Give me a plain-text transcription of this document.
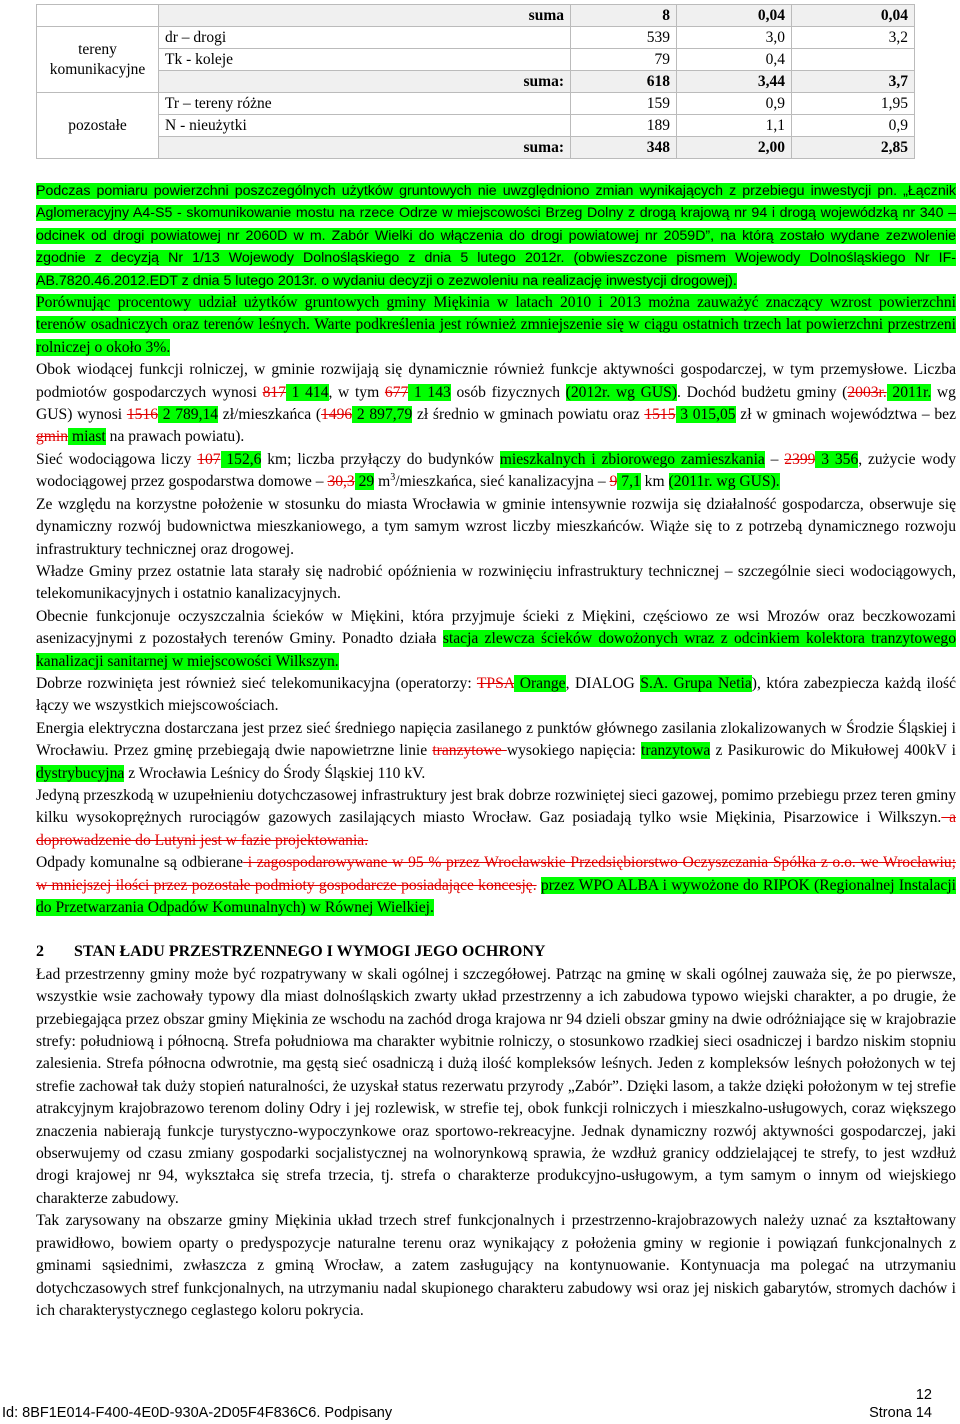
	suma	8	0,04	0,04
tereny komunikacyjne	dr – drogi	539	3,0	3,2
	Tk - koleje	79	0,4	
	suma:	618	3,44	3,7
pozostałe	Tr – tereny różne	159	0,9	1,95
	N - nieużytki	189	1,1	0,9
	suma:	348	2,00	2,85

Podczas pomiaru powierzchni poszczególnych użytków gruntowych nie uwzględniono zmian wynikających z przebiegu inwestycji pn. „Łącznik Aglomeracyjny A4-S5 - skomunikowanie mostu na rzece Odrze w miejscowości Brzeg Dolny z drogą krajową nr 94 i drogą wojewódzką nr 340 – odcinek od drogi powiatowej nr 2060D w m. Zabór Wielki do włączenia do drogi powiatowej nr 2059D”, na którą zostało wydane zezwolenie zgodnie z decyzją Nr 1/13 Wojewody Dolnośląskiego z dnia 5 lutego 2012r. (obwieszczone pismem Wojewody Dolnośląskiego Nr IF-AB.7820.46.2012.EDT z dnia 5 lutego 2013r. o wydaniu decyzji o zezwoleniu na realizację inwestycji drogowej).

Porównując procentowy udział użytków gruntowych gminy Miękinia w latach 2010 i 2013 można zauważyć znaczący wzrost powierzchni terenów osadniczych oraz terenów leśnych. Warte podkreślenia jest również zmniejszenie się w ciągu ostatnich trzech lat powierzchni przestrzeni rolniczej o około 3%.

Obok wiodącej funkcji rolniczej, w gminie rozwijają się dynamicznie również funkcje aktywności gospodarczej, w tym przemysłowe. Liczba podmiotów gospodarczych wynosi 817 1 414, w tym 677 1 143 osób fizycznych (2012r. wg GUS). Dochód budżetu gminy (2003r. 2011r. wg GUS) wynosi 1516 2 789,14 zł/mieszkańca (1496 2 897,79 zł średnio w gminach powiatu oraz 1515 3 015,05 zł w gminach województwa – bez gmin miast na prawach powiatu).

Sieć wodociągowa liczy 107 152,6 km; liczba przyłączy do budynków mieszkalnych i zbiorowego zamieszkania – 2399 3 356, zużycie wody wodociągowej przez gospodarstwa domowe – 30,3 29 $m^3$/mieszkańca, sieć kanalizacyjna – 9 7,1 km (2011r. wg GUS).

Ze względu na korzystne położenie w stosunku do miasta Wrocławia w gminie intensywnie rozwija się działalność gospodarcza, obserwuje się dynamiczny rozwój budownictwa mieszkaniowego, a tym samym wzrost liczby mieszkańców. Wiąże się to z potrzebą dynamicznego rozwoju infrastruktury technicznej oraz drogowej.

Władze Gminy przez ostatnie lata starały się nadrobić opóźnienia w rozwinięciu infrastruktury technicznej – szczególnie sieci wodociągowych, telekomunikacyjnych i ostatnio kanalizacyjnych.

Obecnie funkcjonuje oczyszczalnia ścieków w Miękini, która przyjmuje ścieki z Miękini, częściowo ze wsi Mrozów oraz beczkowozami asenizacyjnymi z pozostałych terenów Gminy. Ponadto działa stacja zlewcza ścieków dowożonych wraz z odcinkiem kolektora tranzytowego kanalizacji sanitarnej w miejscowości Wilkszyn.

Dobrze rozwinięta jest również sieć telekomunikacyjna (operatorzy: TPSA Orange, DIALOG S.A. Grupa Netia), która zabezpiecza każdą ilość łączy we wszystkich miejscowościach.

Energia elektryczna dostarczana jest przez sieć średniego napięcia zasilanego z punktów głównego zasilania zlokalizowanych w Środzie Śląskiej i Wrocławiu. Przez gminę przebiegają dwie napowietrzne linie tranzytowe wysokiego napięcia: tranzytowa z Pasikurowic do Mikułowej 400kV i dystrybucyjna z Wrocławia Leśnicy do Środy Śląskiej 110 kV.

Jedyną przeszkodą w uzupełnieniu dotychczasowej infrastruktury jest brak dobrze rozwiniętej sieci gazowej, pomimo przebiegu przez teren gminy kilku wysokoprężnych rurociągów gazowych zasilających miasto Wrocław. Gaz posiadają tylko wsie Miękinia, Pisarzowice i Wilkszyn. a doprowadzenie do Lutyni jest w fazie projektowania.

Odpady komunalne są odbierane i zagospodarowywane w 95 % przez Wrocławskie Przedsiębiorstwo Oczyszczania Spółka z o.o. we Wrocławiu; w mniejszej ilości przez pozostałe podmioty gospodarcze posiadające koncesję. przez WPO ALBA i wywożone do RIPOK (Regionalnej Instalacji do Przetwarzania Odpadów Komunalnych) w Równej Wielkiej.

2 STAN ŁADU PRZESTRZENNEGO I WYMOGI JEGO OCHRONY

Ład przestrzenny gminy może być rozpatrywany w skali ogólnej i szczegółowej. Patrząc na gminę w skali ogólnej zauważa się, że po pierwsze, wszystkie wsie zachowały typowy dla miast dolnośląskich zwarty układ przestrzenny a ich zabudowa typowo wiejski charakter, a po drugie, że przebiegająca przez obszar gminy Miękinia ze wschodu na zachód droga krajowa nr 94 dzieli obszar gminy na dwie odróżniające się w krajobrazie strefy: południową i północną. Strefa południowa ma charakter wybitnie rolniczy, o stosunkowo rzadkiej sieci osadniczej i bardzo niskim stopniu zalesienia. Strefa północna odwrotnie, ma gęstą sieć osadniczą i dużą ilość kompleksów leśnych. Jeden z kompleksów leśnych położonych w tej strefie zachował tak duży stopień naturalności, że uzyskał status rezerwatu przyrody „Zabór”. Dzięki lasom, a także dzięki położonym w tej strefie atrakcyjnym krajobrazowo terenom doliny Odry i jej rozlewisk, w strefie tej, obok funkcji rolniczych i mieszkalno-usługowych, coraz większego znaczenia nabierają funkcje turystyczno-wypoczynkowe oraz sportowo-rekreacyjne. Jednak dynamiczny rozwój aktywności gospodarczej, jaki obserwujemy od czasu zmiany gospodarki socjalistycznej na wolnorynkową sprawia, że wzdłuż granicy oddzielającej te strefy, to jest wzdłuż drogi krajowej nr 94, wykształca się strefa trzecia, tj. strefa o charakterze produkcyjno-usługowym, a tym samym o innym od wiejskiego charakterze zabudowy.

Tak zarysowany na obszarze gminy Miękinia układ trzech stref funkcjonalnych i przestrzenno-krajobrazowych należy uznać za kształtowany prawidłowo, bowiem oparty o predyspozycje naturalne terenu oraz wynikający z położenia gminy w regionie i powiązań funkcjonalnych z gminami sąsiednimi, zwłaszcza z gminą Wrocław, a zatem zasługujący na kontynuowanie. Kontynuacja ma polegać na utrzymaniu dotychczasowych stref funkcjonalnych, na utrzymaniu nadal skupionego charakteru zabudowy wsi oraz jej niskich gabarytów, stromych dachów i ich charakterystycznego ceglastego koloru pokrycia.

12
Id: 8BF1E014-F400-4E0D-930A-2D05F4F836C6. Podpisany	Strona 14
